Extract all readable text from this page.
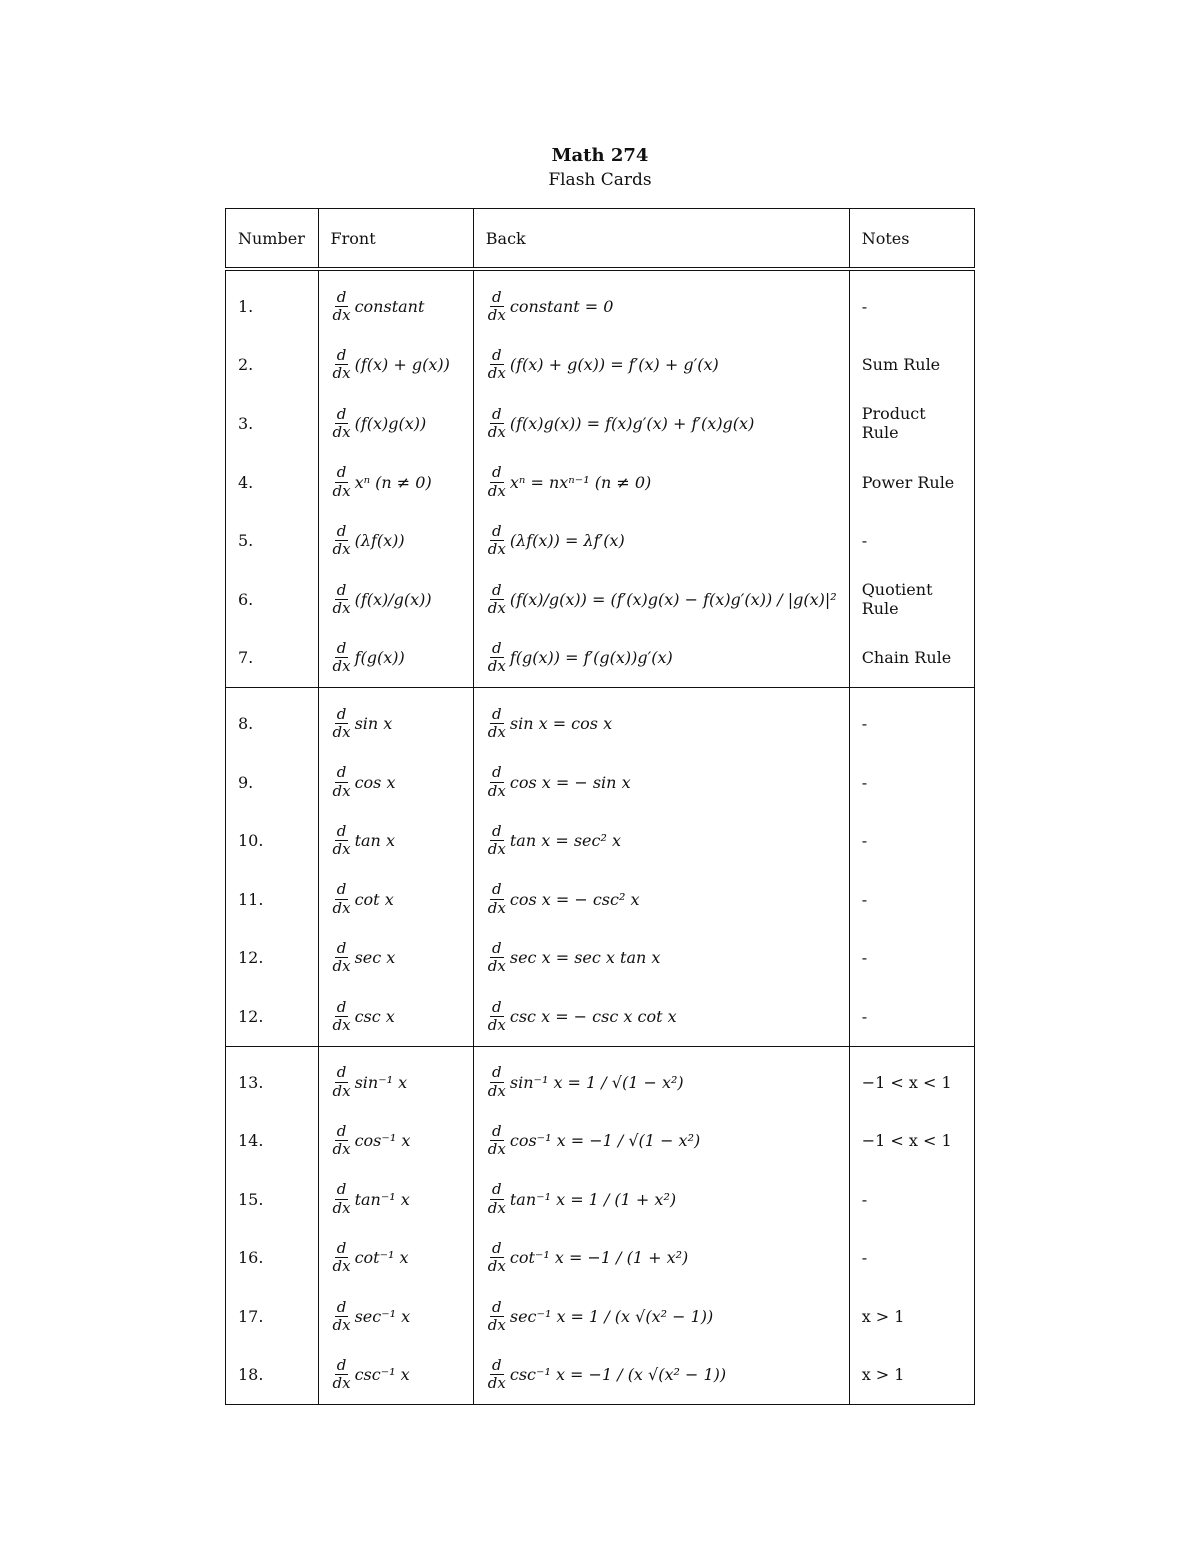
Math 274
Flash Cards
Number	Front	Back	Notes
1.	$\frac{d}{dx}$ constant	$\frac{d}{dx}$ constant = 0	-
2.	$\frac{d}{dx} (f(x) + g(x))$	$\frac{d}{dx} (f(x) + g(x)) = f'(x) + g'(x)$	Sum Rule
3.	$\frac{d}{dx} (f(x)g(x))$	$\frac{d}{dx} (f(x)g(x)) = f(x)g'(x) + f'(x)g(x)$	Product Rule
4.	$\frac{d}{dx}$ xⁿ (n ≠ 0)	$\frac{d}{dx}$ xⁿ = nxⁿ⁻¹ (n ≠ 0)	Power Rule
5.	$\frac{d}{dx} (\lambda f(x))$	$\frac{d}{dx} (\lambda f(x)) = \lambda f'(x)$	-
6.	$\frac{d}{dx} (f(x)/g(x))$	$\frac{d}{dx} (f(x)/g(x)) = (f'(x)g(x) - f(x)g'(x)) / |g(x)|^2$	Quotient Rule
7.	$\frac{d}{dx} f(g(x))$	$\frac{d}{dx} f(g(x)) = f'(g(x))g'(x)$	Chain Rule
8.	$\frac{d}{dx}$ sin x	$\frac{d}{dx}$ sin x = cos x	-
9.	$\frac{d}{dx}$ cos x	$\frac{d}{dx}$ cos x = − sin x	-
10.	$\frac{d}{dx}$ tan x	$\frac{d}{dx}$ tan x = sec² x	-
11.	$\frac{d}{dx}$ cot x	$\frac{d}{dx}$ cos x = − csc² x	-
12.	$\frac{d}{dx}$ sec x	$\frac{d}{dx}$ sec x = sec x tan x	-
12.	$\frac{d}{dx}$ csc x	$\frac{d}{dx}$ csc x = − csc x cot x	-
13.	$\frac{d}{dx} \sin^{-1}$ x	$\frac{d}{dx} \sin^{-1}$ x = 1 / √(1 − x²)	−1 < x < 1
14.	$\frac{d}{dx} \cos^{-1}$ x	$\frac{d}{dx} \cos^{-1}$ x = −1 / √(1 − x²)	−1 < x < 1
15.	$\frac{d}{dx} \tan^{-1}$ x	$\frac{d}{dx} \tan^{-1}$ x = 1 / (1 + x²)	-
16.	$\frac{d}{dx} \cot^{-1}$ x	$\frac{d}{dx} \cot^{-1}$ x = −1 / (1 + x²)	-
17.	$\frac{d}{dx} \sec^{-1}$ x	$\frac{d}{dx} \sec^{-1}$ x = 1 / (x √(x² − 1))	x > 1
18.	$\frac{d}{dx} \csc^{-1}$ x	$\frac{d}{dx} \csc^{-1}$ x = −1 / (x √(x² − 1))	x > 1
